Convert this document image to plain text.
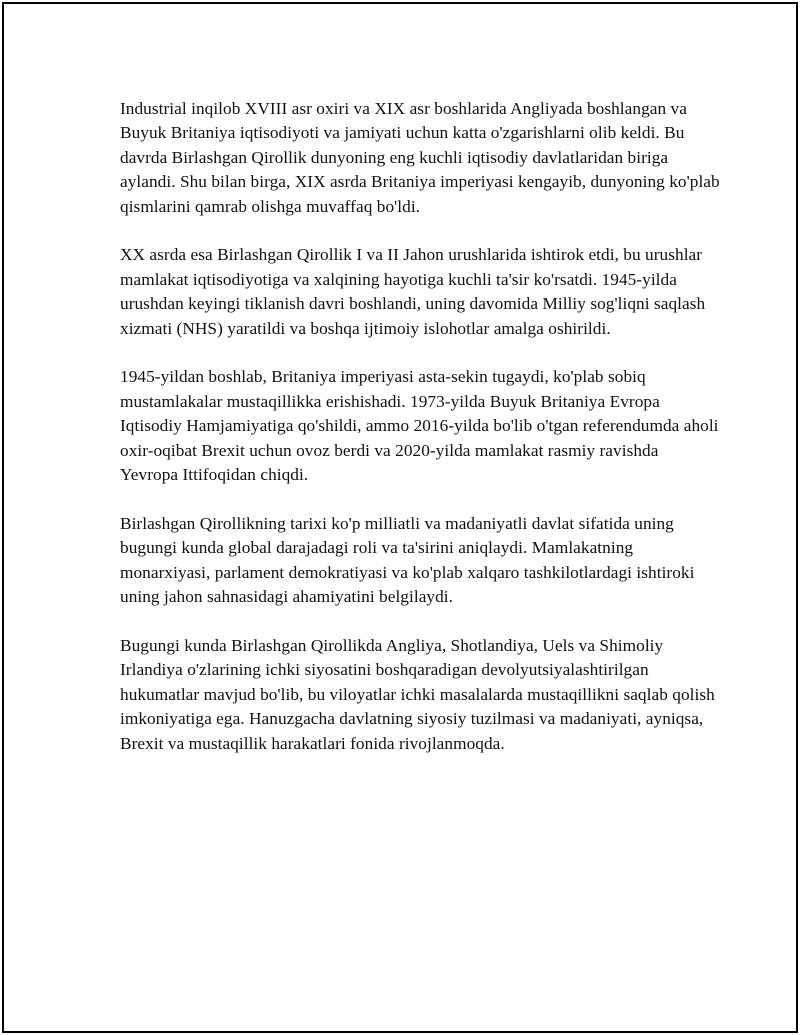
Industrial inqilob XVIII asr oxiri va XIX asr boshlarida Angliyada boshlangan va Buyuk Britaniya iqtisodiyoti va jamiyati uchun katta o'zgarishlarni olib keldi. Bu davrda Birlashgan Qirollik dunyoning eng kuchli iqtisodiy davlatlaridan biriga aylandi. Shu bilan birga, XIX asrda Britaniya imperiyasi kengayib, dunyoning ko'plab qismlarini qamrab olishga muvaffaq bo'ldi.

XX asrda esa Birlashgan Qirollik I va II Jahon urushlarida ishtirok etdi, bu urushlar mamlakat iqtisodiyotiga va xalqining hayotiga kuchli ta'sir ko'rsatdi. 1945-yilda urushdan keyingi tiklanish davri boshlandi, uning davomida Milliy sog'liqni saqlash xizmati (NHS) yaratildi va boshqa ijtimoiy islohotlar amalga oshirildi.

1945-yildan boshlab, Britaniya imperiyasi asta-sekin tugaydi, ko'plab sobiq mustamlakalar mustaqillikka erishishadi. 1973-yilda Buyuk Britaniya Evropa Iqtisodiy Hamjamiyatiga qo'shildi, ammo 2016-yilda bo'lib o'tgan referendumda aholi oxir-oqibat Brexit uchun ovoz berdi va 2020-yilda mamlakat rasmiy ravishda Yevropa Ittifoqidan chiqdi.

Birlashgan Qirollikning tarixi ko'p milliatli va madaniyatli davlat sifatida uning bugungi kunda global darajadagi roli va ta'sirini aniqlaydi. Mamlakatning monarxiyasi, parlament demokratiyasi va ko'plab xalqaro tashkilotlardagi ishtiroki uning jahon sahnasidagi ahamiyatini belgilaydi.

Bugungi kunda Birlashgan Qirollikda Angliya, Shotlandiya, Uels va Shimoliy Irlandiya o'zlarining ichki siyosatini boshqaradigan devolyutsiyalashtirilgan hukumatlar mavjud bo'lib, bu viloyatlar ichki masalalarda mustaqillikni saqlab qolish imkoniyatiga ega. Hanuzgacha davlatning siyosiy tuzilmasi va madaniyati, ayniqsa, Brexit va mustaqillik harakatlari fonida rivojlanmoqda.
